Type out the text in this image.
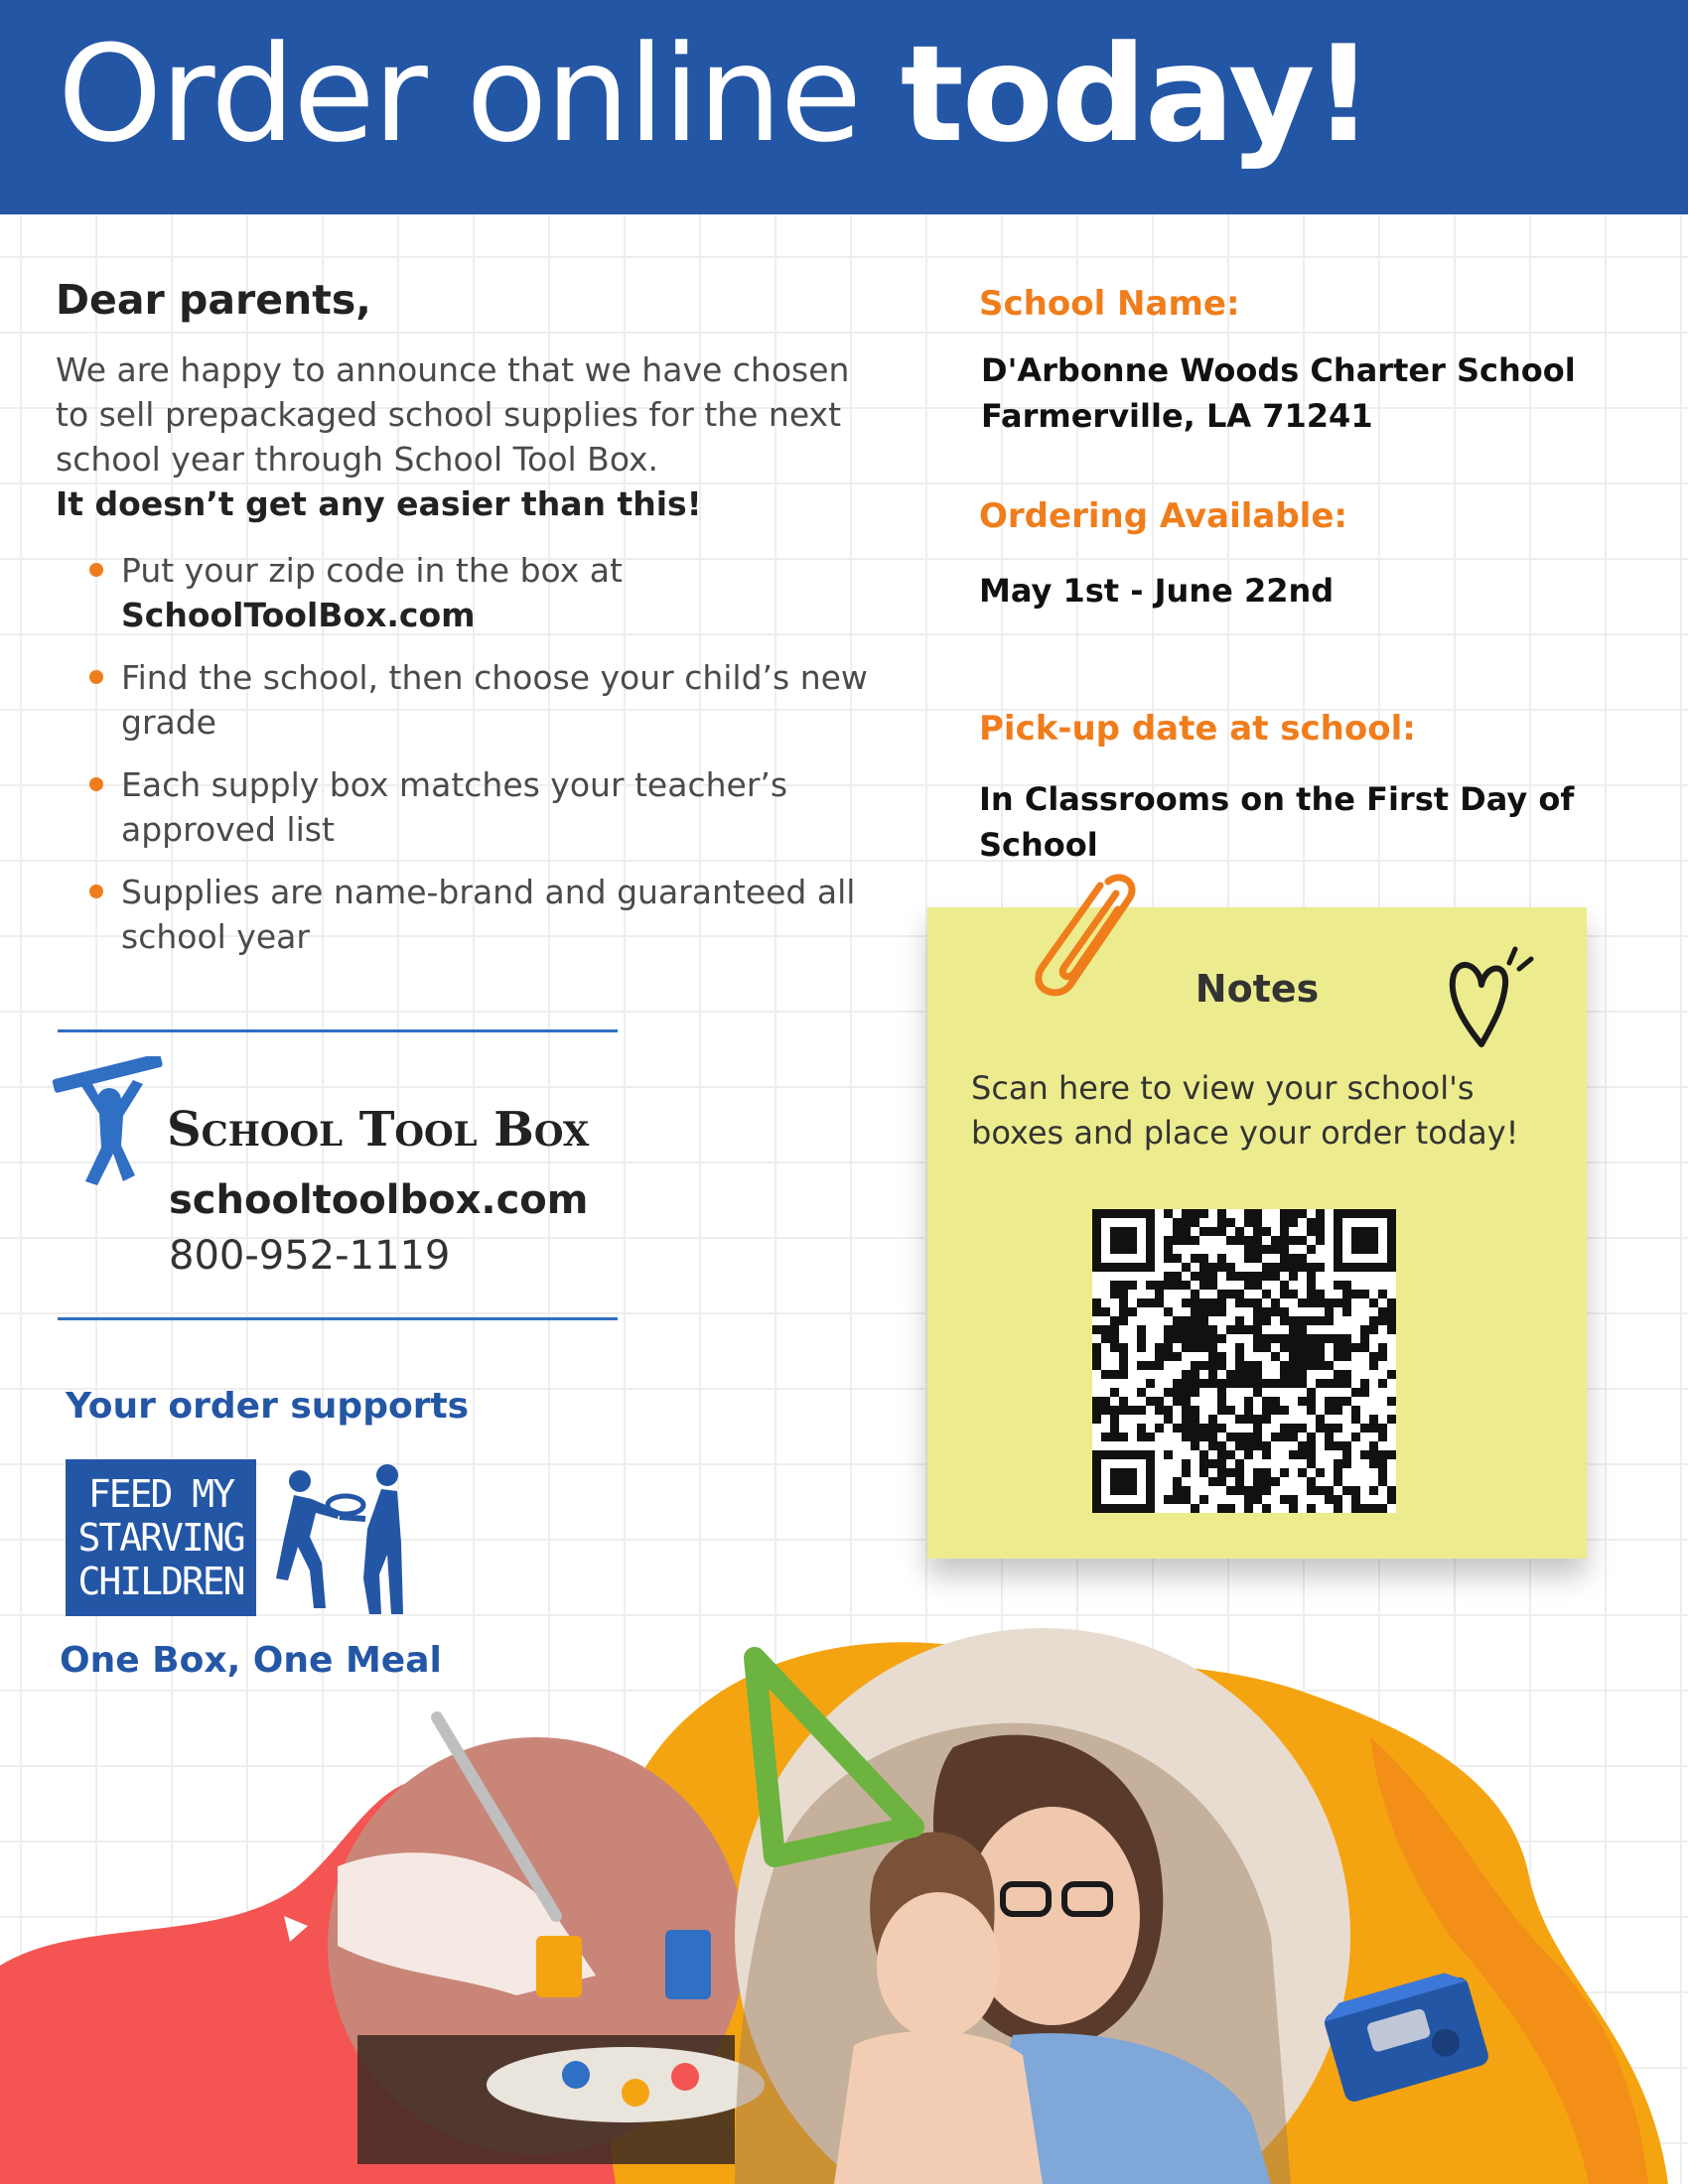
Order online today!

Dear parents,

We are happy to announce that we have chosen to sell prepackaged school supplies for the next school year through School Tool Box.

It doesn’t get any easier than this!

Put your zip code in the box at
SchoolToolBox.com
Find the school, then choose your child’s new grade
Each supply box matches your teacher’s approved list
Supplies are name-brand and guaranteed all school year

School Tool Box

schooltoolbox.com

800-952-1119

Your order supports

FEED MY
STARVING
CHILDREN

One Box, One Meal

School Name:

D'Arbonne Woods Charter School

Farmerville, LA 71241

Ordering Available:

May 1st - June 22nd

Pick-up date at school:

In Classrooms on the First Day of School

Notes

Scan here to view your school's boxes and place your order today!
